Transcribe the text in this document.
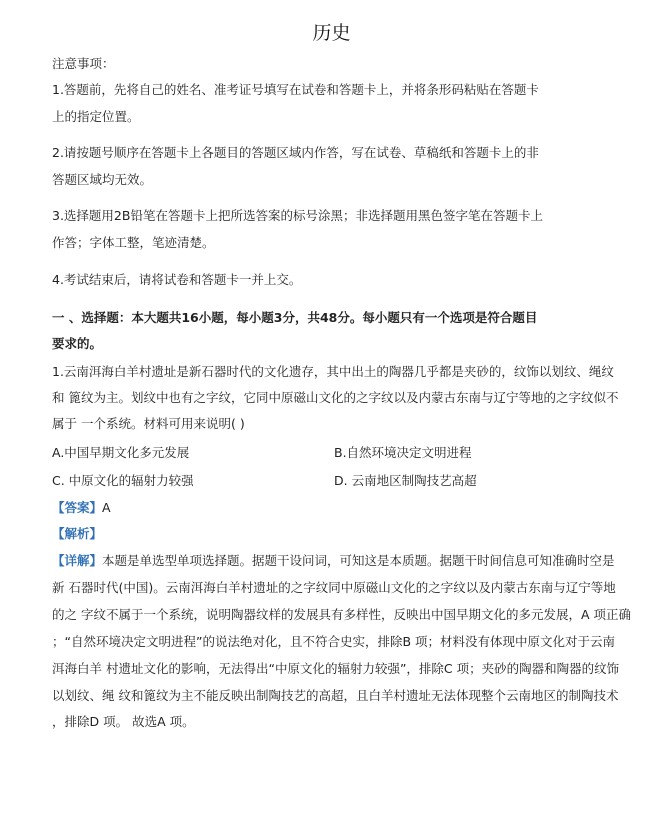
历史
注意事项：
1.答题前，先将自己的姓名、准考证号填写在试卷和答题卡上，并将条形码粘贴在答题卡
上的指定位置。
2.请按题号顺序在答题卡上各题目的答题区域内作答，写在试卷、草稿纸和答题卡上的非
答题区域均无效。
3.选择题用2B铅笔在答题卡上把所选答案的标号涂黑；非选择题用黑色签字笔在答题卡上
作答；字体工整，笔迹清楚。
4.考试结束后，请将试卷和答题卡一并上交。
一 、选择题：本大题共16小题，每小题3分，共48分。每小题只有一个选项是符合题目
要求的。
1.云南洱海白羊村遗址是新石器时代的文化遗存，其中出土的陶器几乎都是夹砂的，纹饰以划纹、绳纹
和 篦纹为主。划纹中也有之字纹，它同中原磁山文化的之字纹以及内蒙古东南与辽宁等地的之字纹似不
属于 一个系统。材料可用来说明( )
A.中国早期文化多元发展	B.自然环境决定文明进程
C. 中原文化的辐射力较强	D. 云南地区制陶技艺高超
【答案】A
【解析】
【详解】本题是单选型单项选择题。据题干设问词，可知这是本质题。据题干时间信息可知准确时空是
新 石器时代(中国)。云南洱海白羊村遗址的之字纹同中原磁山文化的之字纹以及内蒙古东南与辽宁等地
的之 字纹不属于一个系统，说明陶器纹样的发展具有多样性，反映出中国早期文化的多元发展，A 项正确
；“自然环境决定文明进程”的说法绝对化，且不符合史实，排除B 项；材料没有体现中原文化对于云南
洱海白羊 村遗址文化的影响，无法得出“中原文化的辐射力较强”，排除C 项；夹砂的陶器和陶器的纹饰
以划纹、绳 纹和篦纹为主不能反映出制陶技艺的高超，且白羊村遗址无法体现整个云南地区的制陶技术
，排除D 项。 故选A 项。
